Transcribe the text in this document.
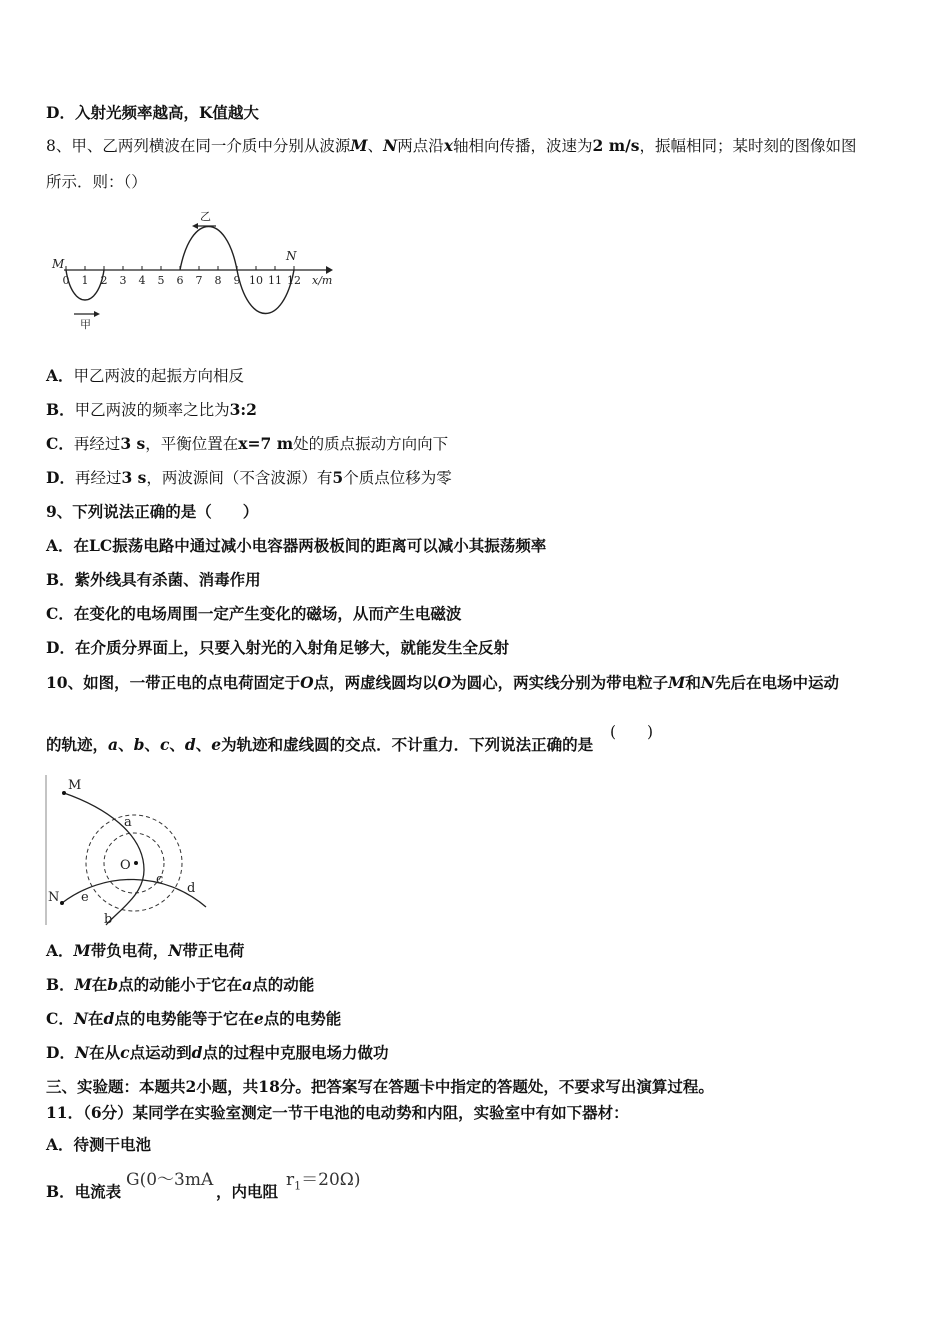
D．入射光频率越高，K值越大
8、甲、乙两列横波在同一介质中分别从波源M、N两点沿x轴相向传播，波速为2 m/s，振幅相同；某时刻的图像如图
所示．则：（）
0 1 2 3 4 5 6 7 8 9 10 11 12 x/m
M
N
甲
乙
A．甲乙两波的起振方向相反
B．甲乙两波的频率之比为3:2
C．再经过3 s，平衡位置在x=7 m处的质点振动方向向下
D．再经过3 s，两波源间（不含波源）有5个质点位移为零
9、下列说法正确的是（　　）
A．在LC振荡电路中通过减小电容器两极板间的距离可以减小其振荡频率
B．紫外线具有杀菌、消毒作用
C．在变化的电场周围一定产生变化的磁场，从而产生电磁波
D．在介质分界面上，只要入射光的入射角足够大，就能发生全反射
10、如图，一带正电的点电荷固定于O点，两虚线圆均以O为圆心，两实线分别为带电粒子M和N先后在电场中运动
的轨迹，a、b、c、d、e为轨迹和虚线圆的交点．不计重力．下列说法正确的是
(　　)
M
N
O
a
b
c
d
e
A．M带负电荷，N带正电荷
B．M在b点的动能小于它在a点的动能
C．N在d点的电势能等于它在e点的电势能
D．N在从c点运动到d点的过程中克服电场力做功
三、实验题：本题共2小题，共18分。把答案写在答题卡中指定的答题处，不要求写出演算过程。
11．（6分）某同学在实验室测定一节干电池的电动势和内阻，实验室中有如下器材：
A．待测干电池
B．电流表
G(0～3mA
，内电阻
$r_1=20\Omega$)
